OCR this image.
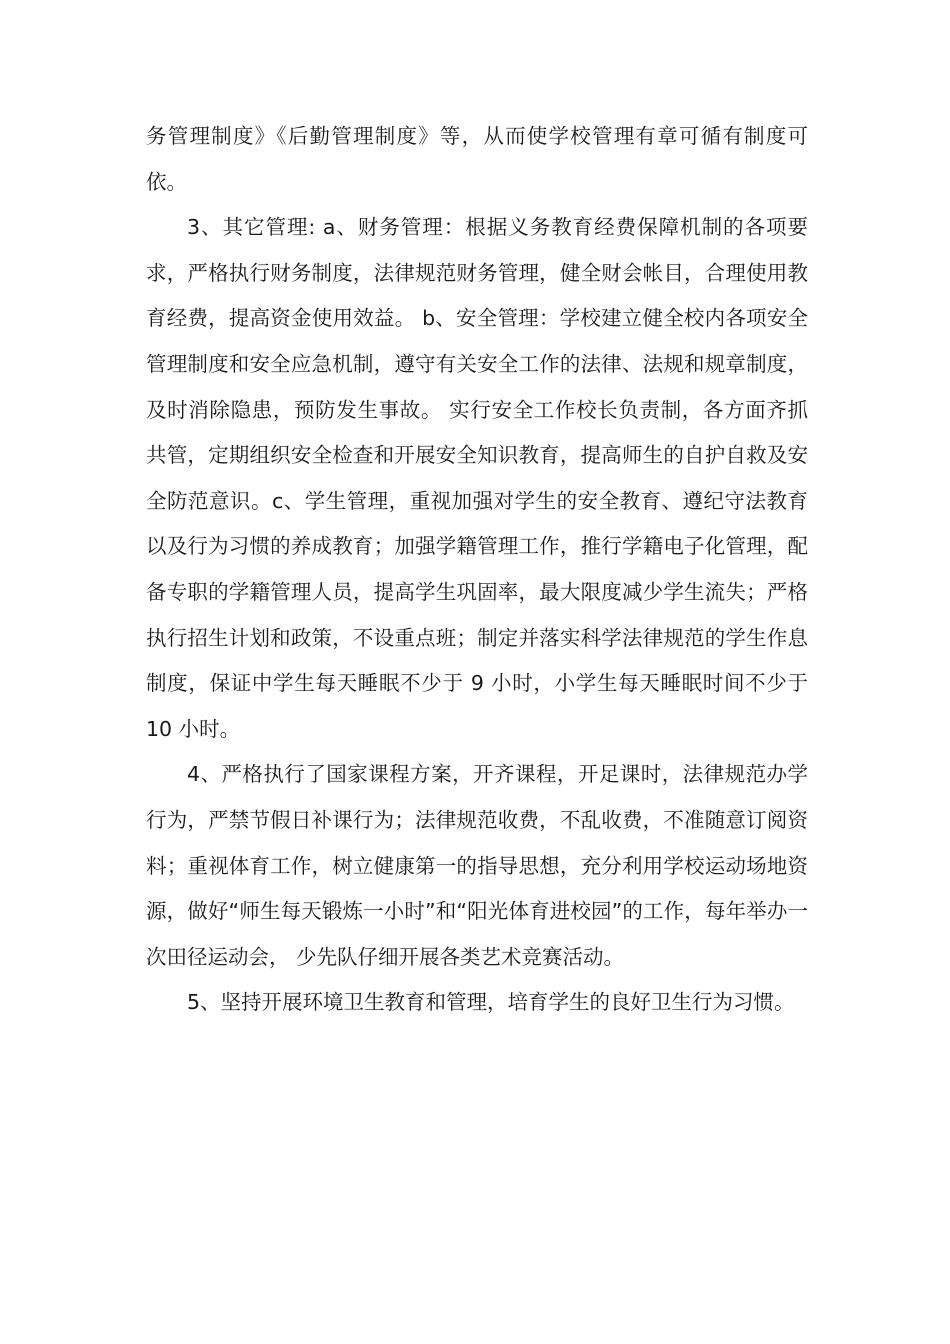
务管理制度》《后勤管理制度》等，从而使学校管理有章可循有制度可依。

3、其它管理: a、财务管理：根据义务教育经费保障机制的各项要求，严格执行财务制度，法律规范财务管理，健全财会帐目，合理使用教育经费，提高资金使用效益。 b、安全管理：学校建立健全校内各项安全管理制度和安全应急机制，遵守有关安全工作的法律、法规和规章制度，及时消除隐患，预防发生事故。 实行安全工作校长负责制，各方面齐抓共管，定期组织安全检查和开展安全知识教育，提高师生的自护自救及安全防范意识。c、学生管理，重视加强对学生的安全教育、遵纪守法教育以及行为习惯的养成教育；加强学籍管理工作，推行学籍电子化管理，配备专职的学籍管理人员，提高学生巩固率，最大限度减少学生流失；严格执行招生计划和政策，不设重点班；制定并落实科学法律规范的学生作息制度，保证中学生每天睡眠不少于 9 小时，小学生每天睡眠时间不少于 10 小时。

4、严格执行了国家课程方案，开齐课程，开足课时，法律规范办学行为，严禁节假日补课行为；法律规范收费，不乱收费，不准随意订阅资料；重视体育工作，树立健康第一的指导思想，充分利用学校运动场地资源，做好“师生每天锻炼一小时”和“阳光体育进校园”的工作，每年举办一次田径运动会， 少先队仔细开展各类艺术竞赛活动。

5、坚持开展环境卫生教育和管理，培育学生的良好卫生行为习惯。
